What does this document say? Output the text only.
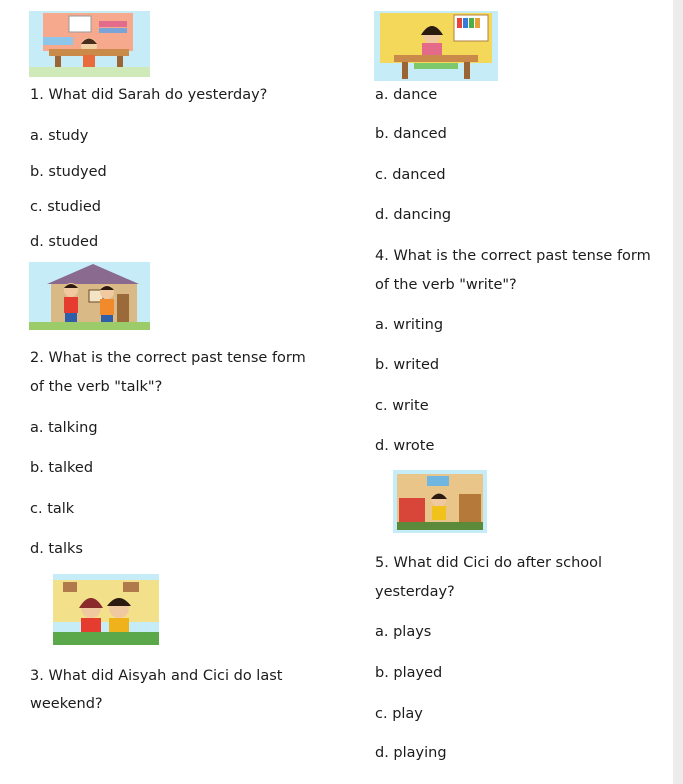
1. What did Sarah do yesterday?
a. study
b. studyed
c. studied
d. studed
2. What is the correct past tense form
of the verb "talk"?
a. talking
b. talked
c. talk
d. talks
3. What did Aisyah and Cici do last
weekend?
a. dance
b. danced
c. danced
d. dancing
4. What is the correct past tense form
of the verb "write"?
a. writing
b. writed
c. write
d. wrote
5. What did Cici do after school
yesterday?
a. plays
b. played
c. play
d. playing
